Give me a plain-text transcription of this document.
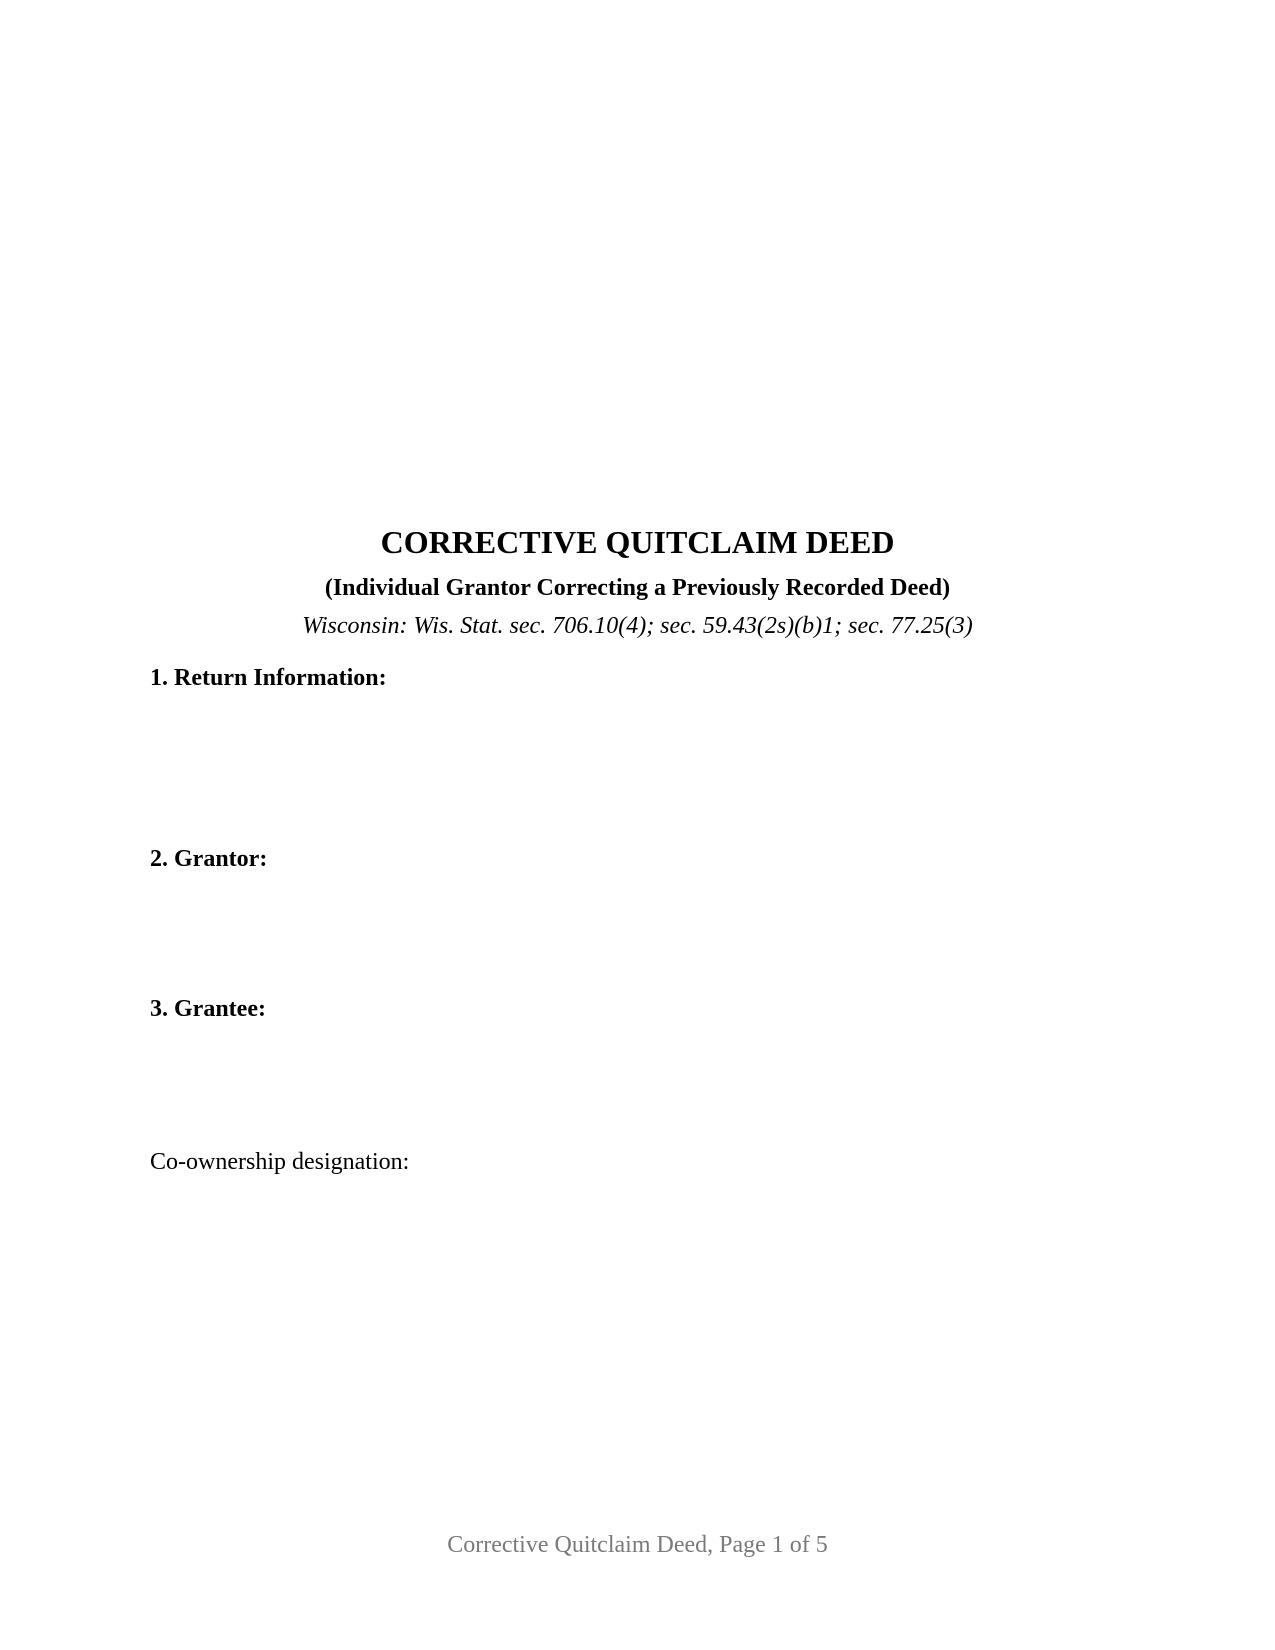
CORRECTIVE QUITCLAIM DEED
(Individual Grantor Correcting a Previously Recorded Deed)
Wisconsin: Wis. Stat. sec. 706.10(4); sec. 59.43(2s)(b)1; sec. 77.25(3)
1. Return Information:
2. Grantor:
3. Grantee:
Co-ownership designation:
Corrective Quitclaim Deed, Page 1 of 5
